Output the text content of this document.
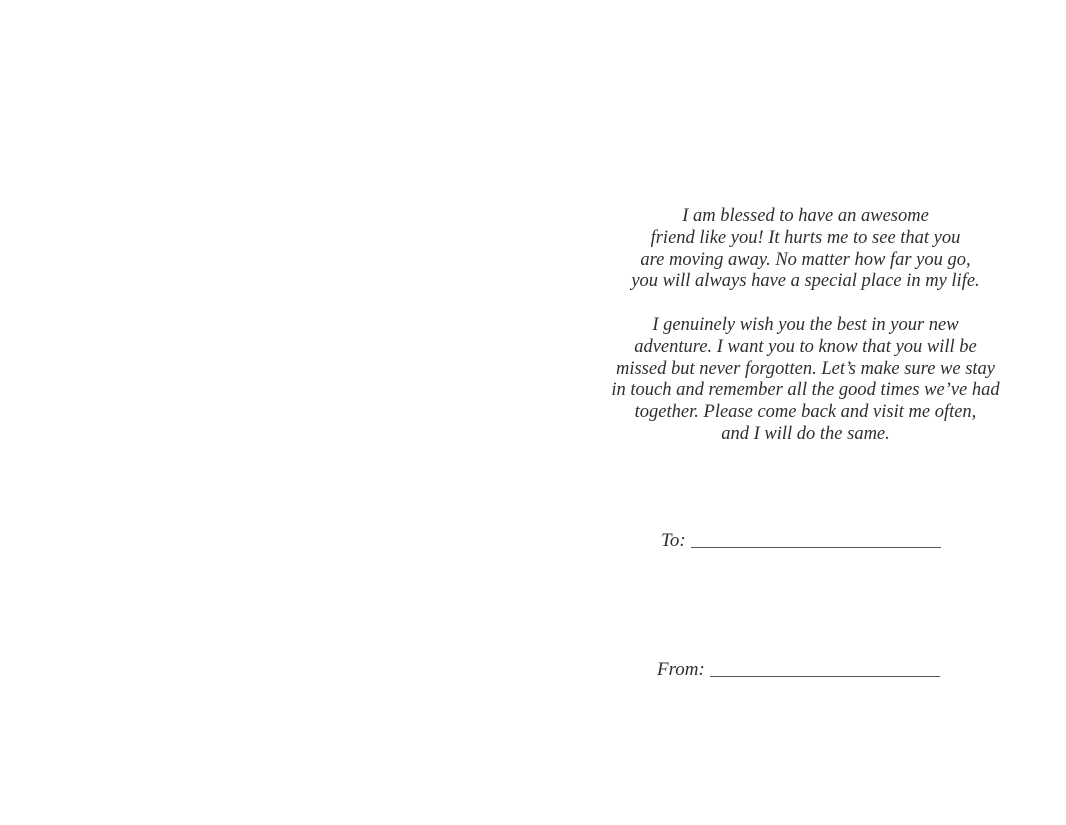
I am blessed to have an awesome
friend like you! It hurts me to see that you
are moving away. No matter how far you go,
you will always have a special place in my life.

I genuinely wish you the best in your new
adventure. I want you to know that you will be
missed but never forgotten. Let’s make sure we stay
in touch and remember all the good times we’ve had
together. Please come back and visit me often,
and I will do the same.

To:
From:
